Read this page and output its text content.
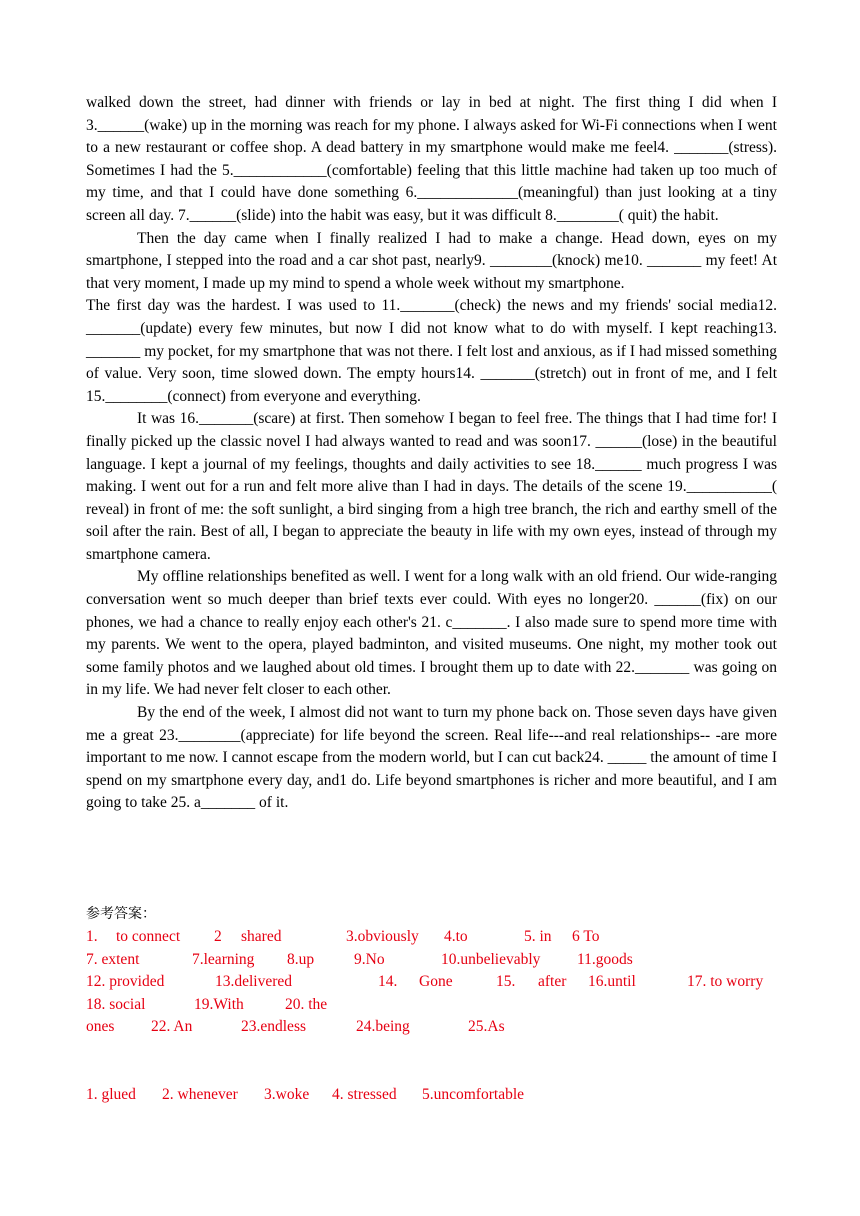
walked down the street, had dinner with friends or lay in bed at night. The first thing I did when I 3.______(wake) up in the morning was reach for my phone. I always asked for Wi-Fi connections when I went to a new restaurant or coffee shop. A dead battery in my smartphone would make me feel4. _______(stress). Sometimes I had the 5.____________(comfortable) feeling that this little machine had taken up too much of my time, and that I could have done something 6._____________(meaningful) than just looking at a tiny screen all day. 7.______(slide) into the habit was easy, but it was difficult 8.________( quit) the habit.

Then the day came when I finally realized I had to make a change. Head down, eyes on my smartphone, I stepped into the road and a car shot past, nearly9. ________(knock) me10. _______ my feet! At that very moment, I made up my mind to spend a whole week without my smartphone.

The first day was the hardest. I was used to 11._______(check) the news and my friends' social media12. _______(update) every few minutes, but now I did not know what to do with myself. I kept reaching13. _______ my pocket, for my smartphone that was not there. I felt lost and anxious, as if I had missed something of value. Very soon, time slowed down. The empty hours14. _______(stretch) out in front of me, and I felt 15.________(connect) from everyone and everything.

It was 16._______(scare) at first. Then somehow I began to feel free. The things that I had time for! I finally picked up the classic novel I had always wanted to read and was soon17. ______(lose) in the beautiful language. I kept a journal of my feelings, thoughts and daily activities to see 18.______ much progress I was making. I went out for a run and felt more alive than I had in days. The details of the scene 19.___________( reveal) in front of me: the soft sunlight, a bird singing from a high tree branch, the rich and earthy smell of the soil after the rain. Best of all, I began to appreciate the beauty in life with my own eyes, instead of through my smartphone camera.

My offline relationships benefited as well. I went for a long walk with an old friend. Our wide-ranging conversation went so much deeper than brief texts ever could. With eyes no longer20. ______(fix) on our phones, we had a chance to really enjoy each other's 21. c_______. I also made sure to spend more time with my parents. We went to the opera, played badminton, and visited museums. One night, my mother took out some family photos and we laughed about old times. I brought them up to date with 22._______ was going on in my life. We had never felt closer to each other.

By the end of the week, I almost did not want to turn my phone back on. Those seven days have given me a great 23.________(appreciate) for life beyond the screen. Real life---and real relationships-- -are more important to me now. I cannot escape from the modern world, but I can cut back24. _____ the amount of time I spend on my smartphone every day, and1 do. Life beyond smartphones is richer and more beautiful, and I am going to take 25. a_______ of it.

参考答案：
1. to connect 2 shared	3.obviously 4.to	5. in 6 To
7. extent	7.learning 8.up	9.No	10.unbelievably 11.goods
12. provided	13.delivered	14. Gone	15. after 16.until	17. to worry
18. social	19.With	20. the
ones 22. An	23.endless	24.being	25.As
1. glued 2. whenever 3.woke 4. stressed 5.uncomfortable
